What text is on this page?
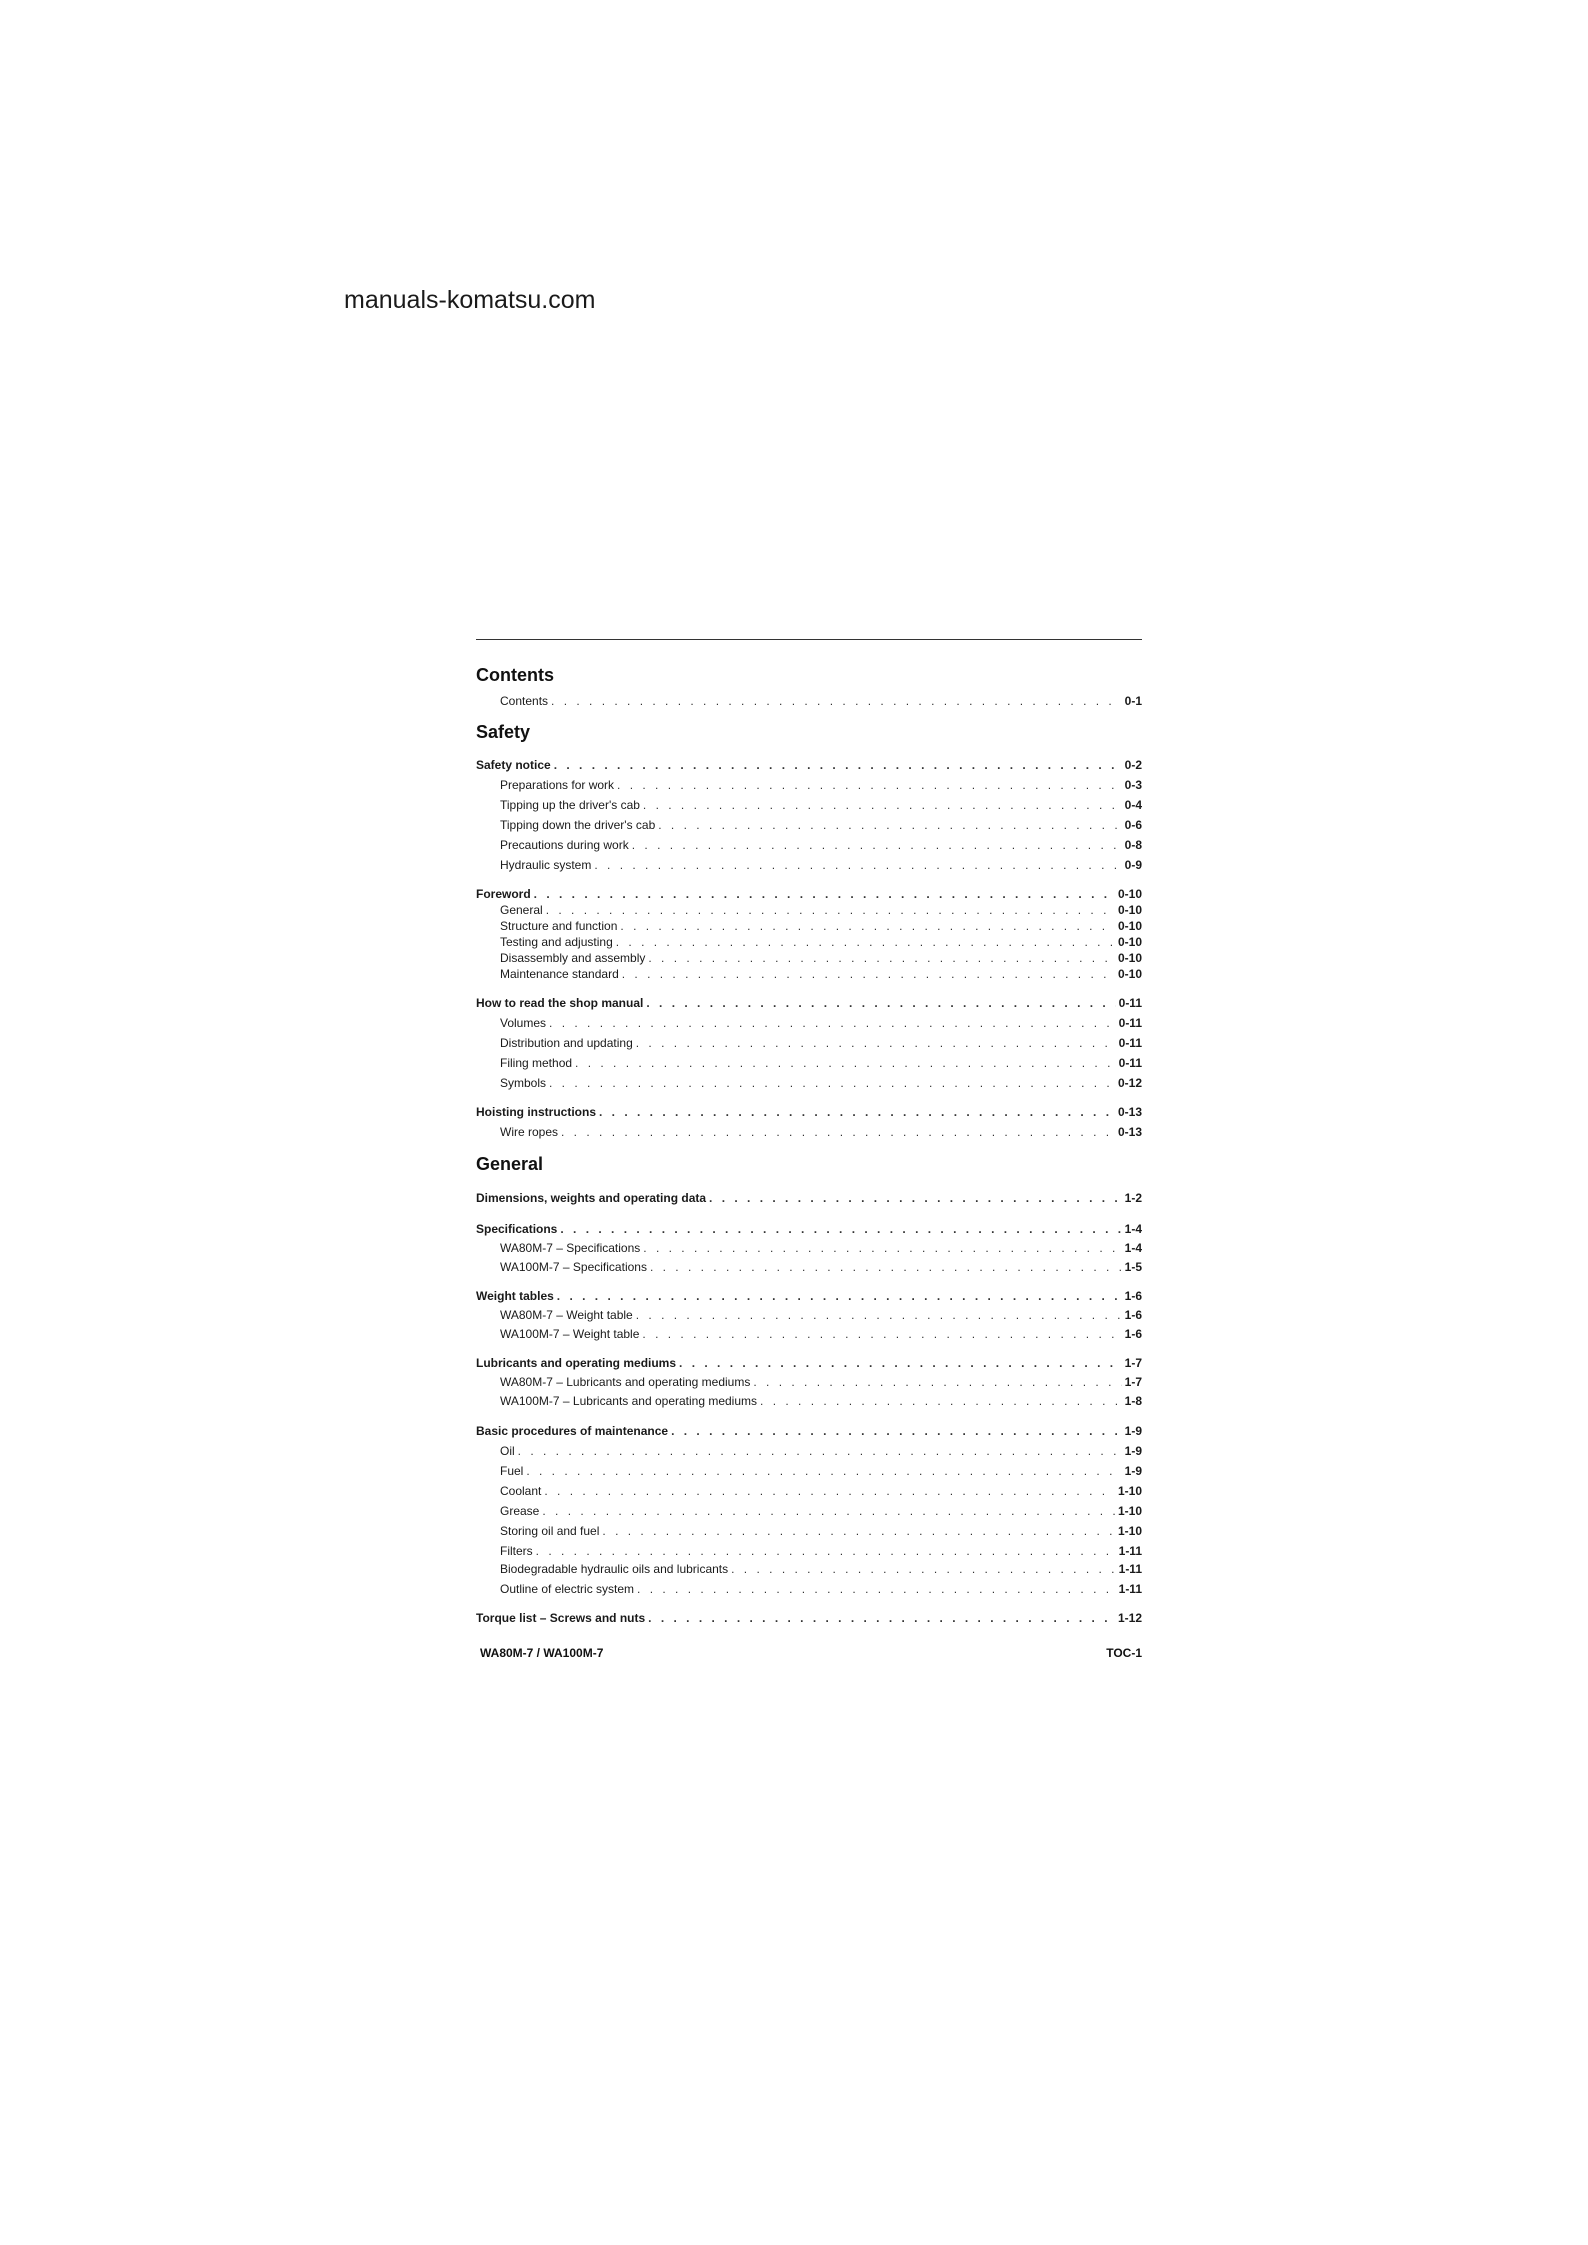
manuals-komatsu.com
Contents
Contents . . .	0-1
Safety
Safety notice . . .	0-2
Preparations for work . . .	0-3
Tipping up the driver's cab . . .	0-4
Tipping down the driver's cab . . .	0-6
Precautions during work . . .	0-8
Hydraulic system . . .	0-9
Foreword . . .	0-10
General . . .	0-10
Structure and function . . .	0-10
Testing and adjusting . . .	0-10
Disassembly and assembly . . .	0-10
Maintenance standard . . .	0-10
How to read the shop manual . . .	0-11
Volumes . . .	0-11
Distribution and updating . . .	0-11
Filing method . . .	0-11
Symbols . . .	0-12
Hoisting instructions . . .	0-13
Wire ropes . . .	0-13
General
Dimensions, weights and operating data . . .	1-2
Specifications . . .	1-4
WA80M-7 – Specifications . . .	1-4
WA100M-7 – Specifications . . .	1-5
Weight tables . . .	1-6
WA80M-7 – Weight table . . .	1-6
WA100M-7 – Weight table . . .	1-6
Lubricants and operating mediums . . .	1-7
WA80M-7 – Lubricants and operating mediums . . .	1-7
WA100M-7 – Lubricants and operating mediums . . .	1-8
Basic procedures of maintenance . . .	1-9
Oil . . .	1-9
Fuel . . .	1-9
Coolant . . .	1-10
Grease . . .	1-10
Storing oil and fuel . . .	1-10
Filters . . .	1-11
Biodegradable hydraulic oils and lubricants . . .	1-11
Outline of electric system . . .	1-11
Torque list – Screws and nuts . . .	1-12
WA80M-7 / WA100M-7	TOC-1
